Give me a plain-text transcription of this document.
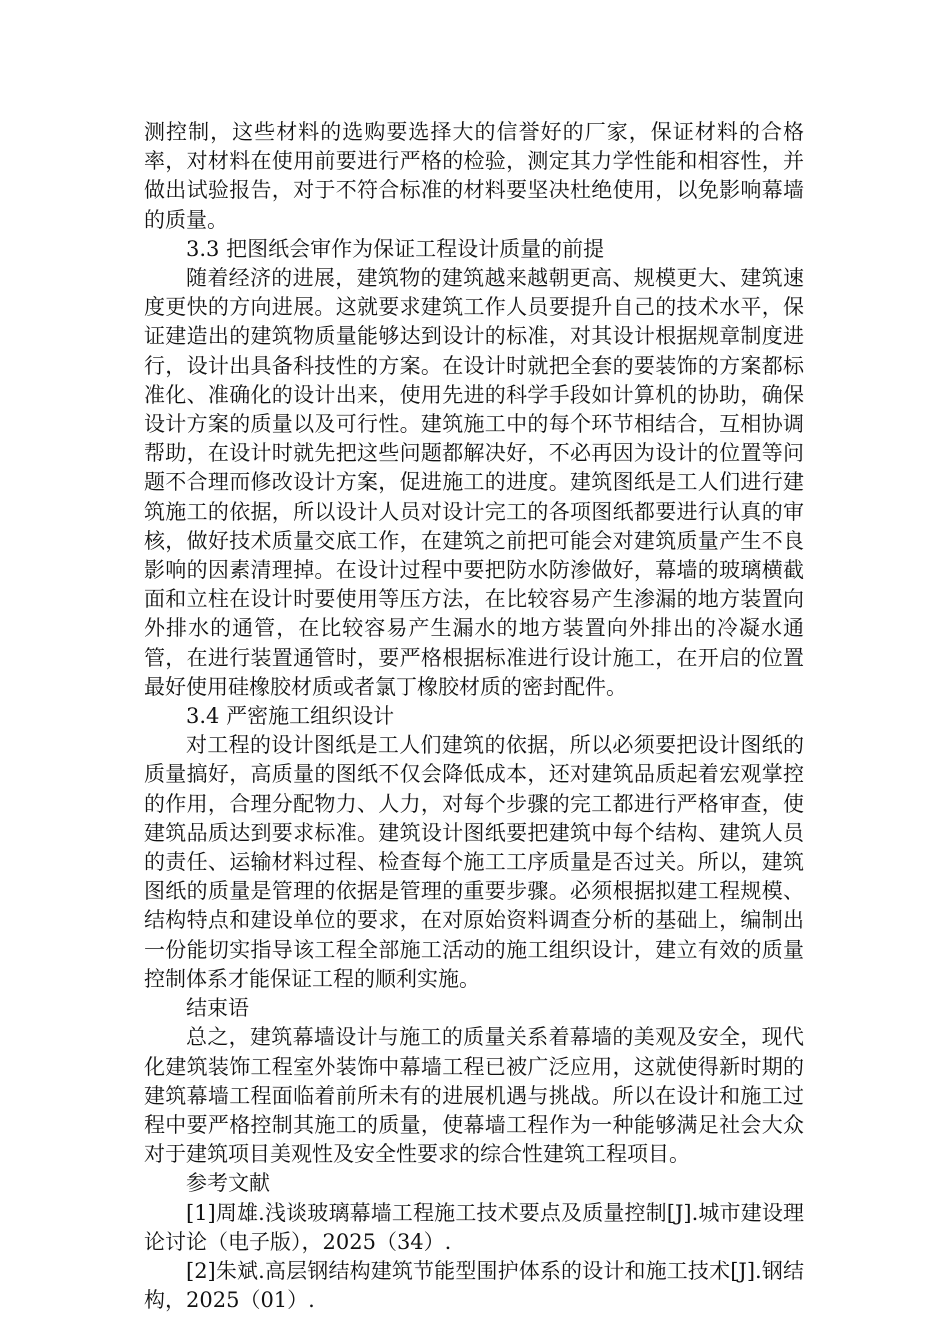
测控制，这些材料的选购要选择大的信誉好的厂家，保证材料的合格率，对材料在使用前要进行严格的检验，测定其力学性能和相容性，并做出试验报告，对于不符合标准的材料要坚决杜绝使用，以免影响幕墙的质量。

3.3 把图纸会审作为保证工程设计质量的前提

随着经济的进展，建筑物的建筑越来越朝更高、规模更大、建筑速度更快的方向进展。这就要求建筑工作人员要提升自己的技术水平，保证建造出的建筑物质量能够达到设计的标准，对其设计根据规章制度进行，设计出具备科技性的方案。在设计时就把全套的要装饰的方案都标准化、准确化的设计出来，使用先进的科学手段如计算机的协助，确保设计方案的质量以及可行性。建筑施工中的每个环节相结合，互相协调帮助，在设计时就先把这些问题都解决好，不必再因为设计的位置等问题不合理而修改设计方案，促进施工的进度。建筑图纸是工人们进行建筑施工的依据，所以设计人员对设计完工的各项图纸都要进行认真的审核，做好技术质量交底工作，在建筑之前把可能会对建筑质量产生不良影响的因素清理掉。在设计过程中要把防水防渗做好，幕墙的玻璃横截面和立柱在设计时要使用等压方法，在比较容易产生渗漏的地方装置向外排水的通管，在比较容易产生漏水的地方装置向外排出的冷凝水通管，在进行装置通管时，要严格根据标准进行设计施工，在开启的位置最好使用硅橡胶材质或者氯丁橡胶材质的密封配件。

3.4 严密施工组织设计

对工程的设计图纸是工人们建筑的依据，所以必须要把设计图纸的质量搞好，高质量的图纸不仅会降低成本，还对建筑品质起着宏观掌控的作用，合理分配物力、人力，对每个步骤的完工都进行严格审查，使建筑品质达到要求标准。建筑设计图纸要把建筑中每个结构、建筑人员的责任、运输材料过程、检查每个施工工序质量是否过关。所以，建筑图纸的质量是管理的依据是管理的重要步骤。必须根据拟建工程规模、结构特点和建设单位的要求，在对原始资料调查分析的基础上，编制出一份能切实指导该工程全部施工活动的施工组织设计，建立有效的质量控制体系才能保证工程的顺利实施。

结束语

总之，建筑幕墙设计与施工的质量关系着幕墙的美观及安全，现代化建筑装饰工程室外装饰中幕墙工程已被广泛应用，这就使得新时期的建筑幕墙工程面临着前所未有的进展机遇与挑战。所以在设计和施工过程中要严格控制其施工的质量，使幕墙工程作为一种能够满足社会大众对于建筑项目美观性及安全性要求的综合性建筑工程项目。

参考文献

[1]周雄.浅谈玻璃幕墙工程施工技术要点及质量控制[J].城市建设理论讨论（电子版），2025（34）.

[2]朱斌.高层钢结构建筑节能型围护体系的设计和施工技术[J].钢结构，2025（01）.
